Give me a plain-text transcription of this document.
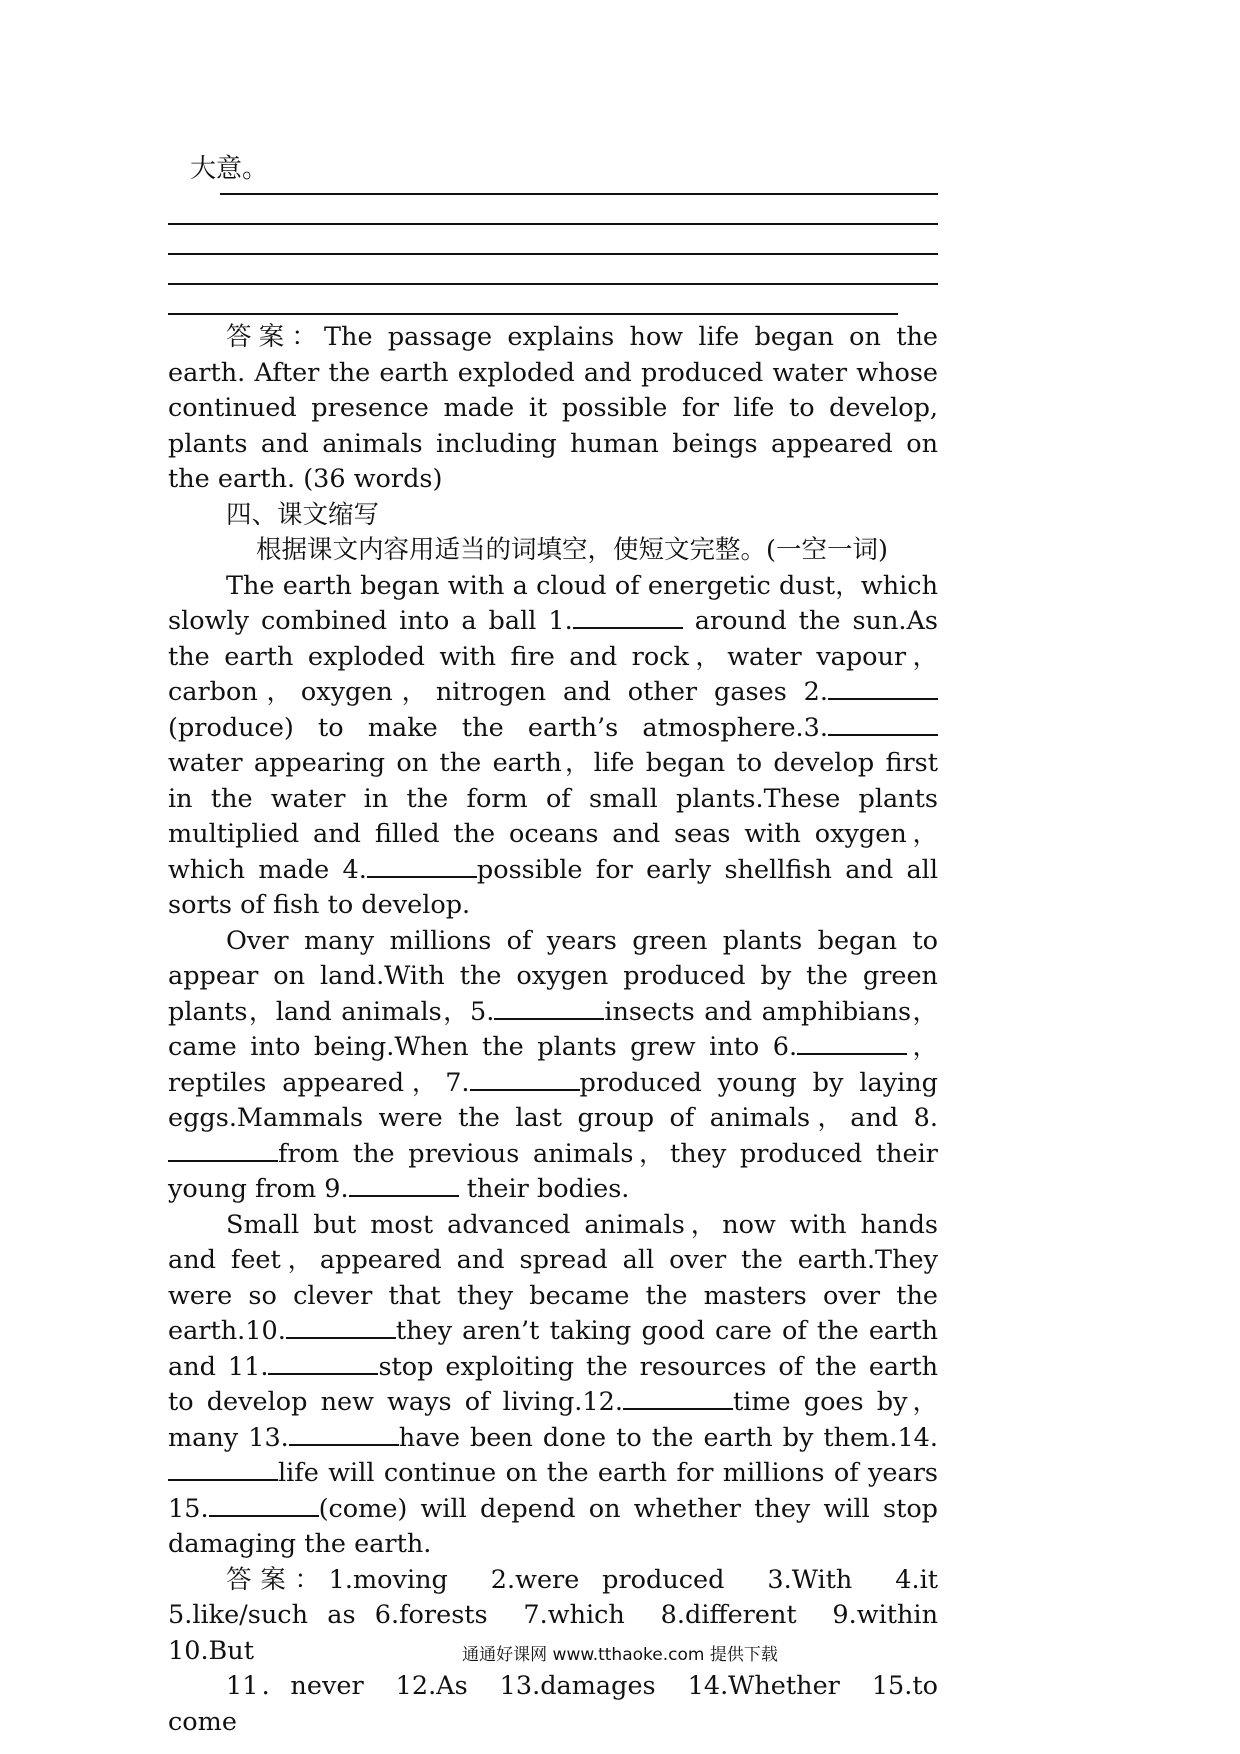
大意。

答案：The passage explains how life began on the earth. After the earth exploded and produced water whose continued presence made it possible for life to develop, plants and animals including human beings appeared on the earth. (36 words)

四、课文缩写

根据课文内容用适当的词填空，使短文完整。(一空一词)

The earth began with a cloud of energetic dust，which slowly combined into a ball 1.	around the sun.As the earth exploded with fire and rock，water vapour，carbon，oxygen，nitrogen and other gases 2. (produce) to make the earth’s atmosphere.3. water appearing on the earth，life began to develop first in the water in the form of small plants.These plants multiplied and filled the oceans and seas with oxygen，which made 4.	possible for early shellfish and all sorts of fish to develop.

Over many millions of years green plants began to appear on land.With the oxygen produced by the green plants，land animals，5.	insects and amphibians，came into being.When the plants grew into 6.	，reptiles appeared，7.	produced young by laying eggs.Mammals were the last group of animals，and 8.from the previous animals，they produced their young from 9.	their bodies.

Small but most advanced animals，now with hands and feet，appeared and spread all over the earth.They were so clever that they became the masters over the earth.10.	they aren’t taking good care of the earth and 11.	stop exploiting the resources of the earth to develop new ways of living.12.	time goes by，many 13.	have been done to the earth by them.14.life will continue on the earth for millions of years 15.	(come) will depend on whether they will stop damaging the earth.

答案：1.moving　2.were produced　3.With　4.it　5.like/such as 6.forests　7.which　8.different　9.within　10.But

11．never　12.As　13.damages　14.Whether　15.to come

通通好课网 www.tthaoke.com 提供下载
